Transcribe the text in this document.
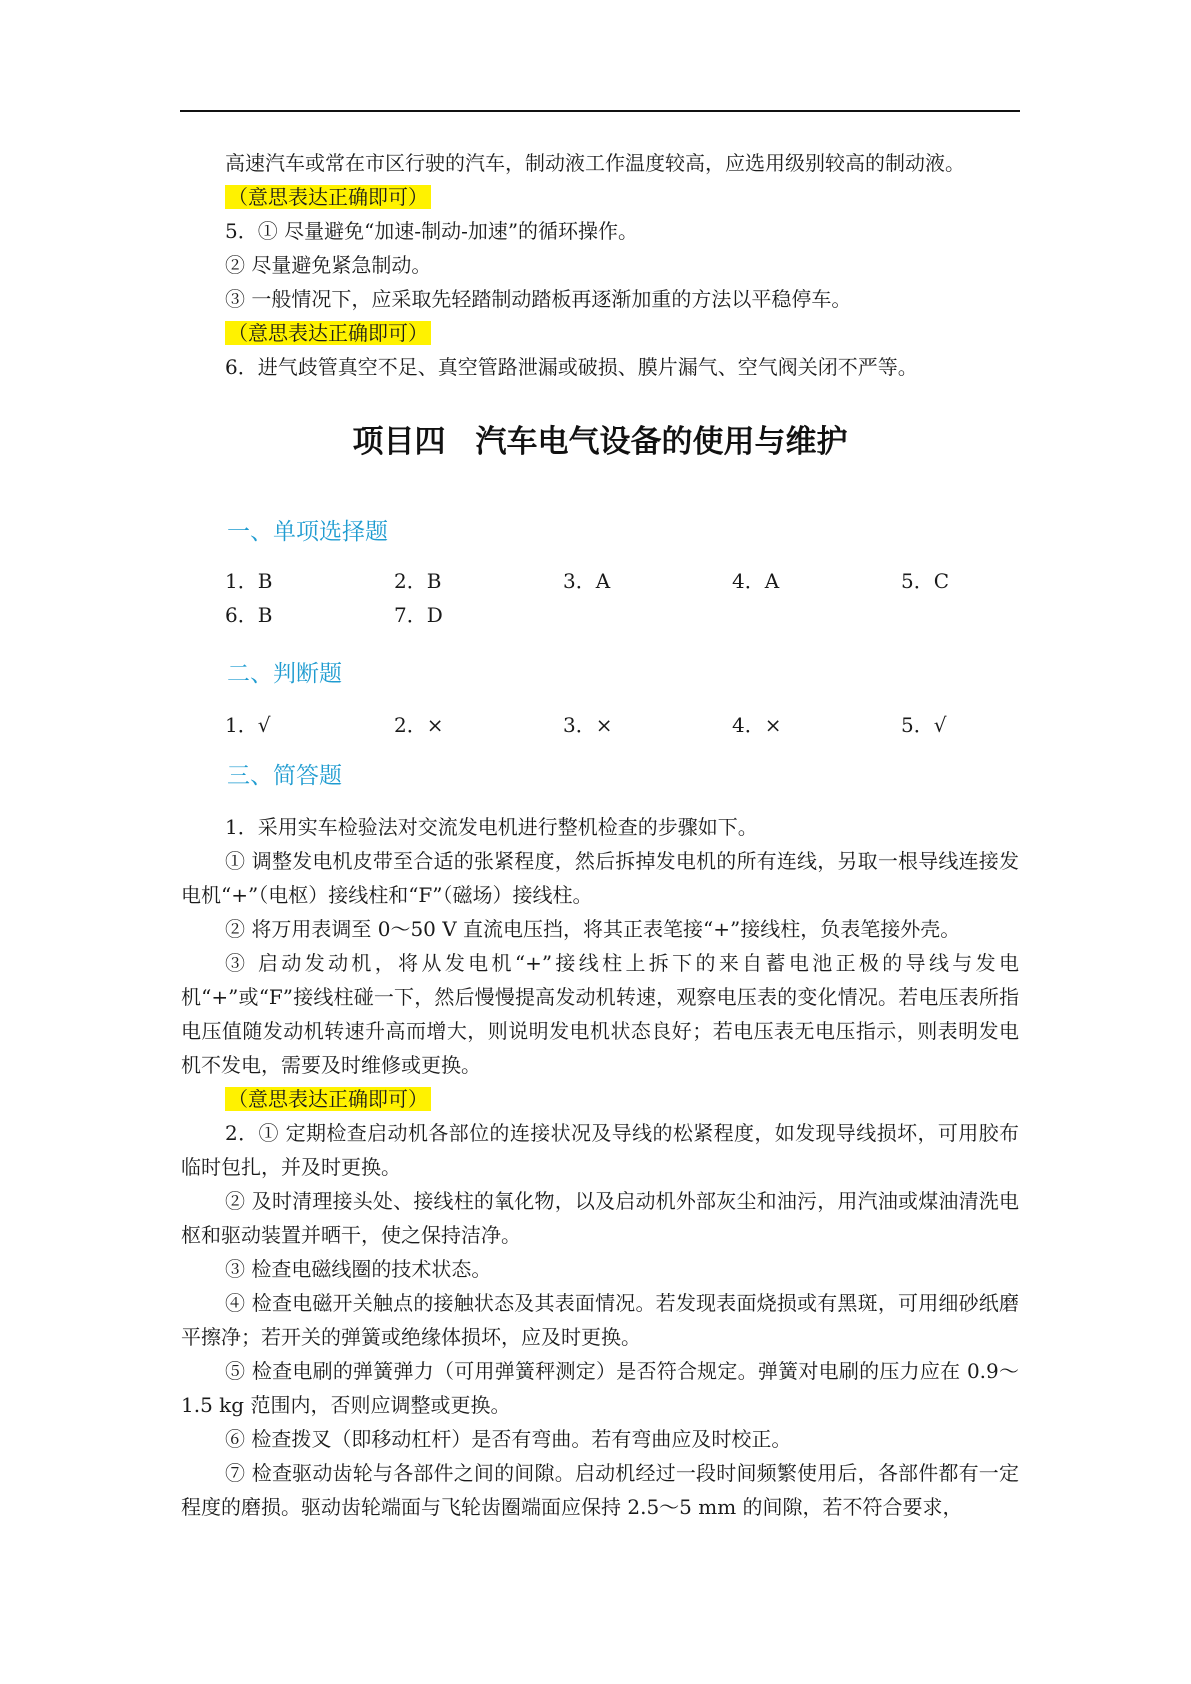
高速汽车或常在市区行驶的汽车，制动液工作温度较高，应选用级别较高的制动液。
（意思表达正确即可）
5．① 尽量避免“加速-制动-加速”的循环操作。
② 尽量避免紧急制动。
③ 一般情况下，应采取先轻踏制动踏板再逐渐加重的方法以平稳停车。
（意思表达正确即可）
6．进气歧管真空不足、真空管路泄漏或破损、膜片漏气、空气阀关闭不严等。
项目四 汽车电气设备的使用与维护
一、单项选择题
1．B	2．B	3．A	4．A	5．C
6．B	7．D
二、判断题
1．√	2．×	3．×	4．×	5．√
三、简答题

1．采用实车检验法对交流发电机进行整机检查的步骤如下。

① 调整发电机皮带至合适的张紧程度，然后拆掉发电机的所有连线，另取一根导线连接发电机“+”（电枢）接线柱和“F”（磁场）接线柱。

② 将万用表调至 0～50 V 直流电压挡，将其正表笔接“+”接线柱，负表笔接外壳。

③ 启动发动机，将从发电机“+”接线柱上拆下的来自蓄电池正极的导线与发电机“+”或“F”接线柱碰一下，然后慢慢提高发动机转速，观察电压表的变化情况。若电压表所指电压值随发动机转速升高而增大，则说明发电机状态良好；若电压表无电压指示，则表明发电机不发电，需要及时维修或更换。

（意思表达正确即可）

2．① 定期检查启动机各部位的连接状况及导线的松紧程度，如发现导线损坏，可用胶布临时包扎，并及时更换。

② 及时清理接头处、接线柱的氧化物，以及启动机外部灰尘和油污，用汽油或煤油清洗电枢和驱动装置并晒干，使之保持洁净。

③ 检查电磁线圈的技术状态。

④ 检查电磁开关触点的接触状态及其表面情况。若发现表面烧损或有黑斑，可用细砂纸磨平擦净；若开关的弹簧或绝缘体损坏，应及时更换。

⑤ 检查电刷的弹簧弹力（可用弹簧秤测定）是否符合规定。弹簧对电刷的压力应在 0.9～1.5 kg 范围内，否则应调整或更换。

⑥ 检查拨叉（即移动杠杆）是否有弯曲。若有弯曲应及时校正。

⑦ 检查驱动齿轮与各部件之间的间隙。启动机经过一段时间频繁使用后，各部件都有一定程度的磨损。驱动齿轮端面与飞轮齿圈端面应保持 2.5～5 mm 的间隙，若不符合要求，
